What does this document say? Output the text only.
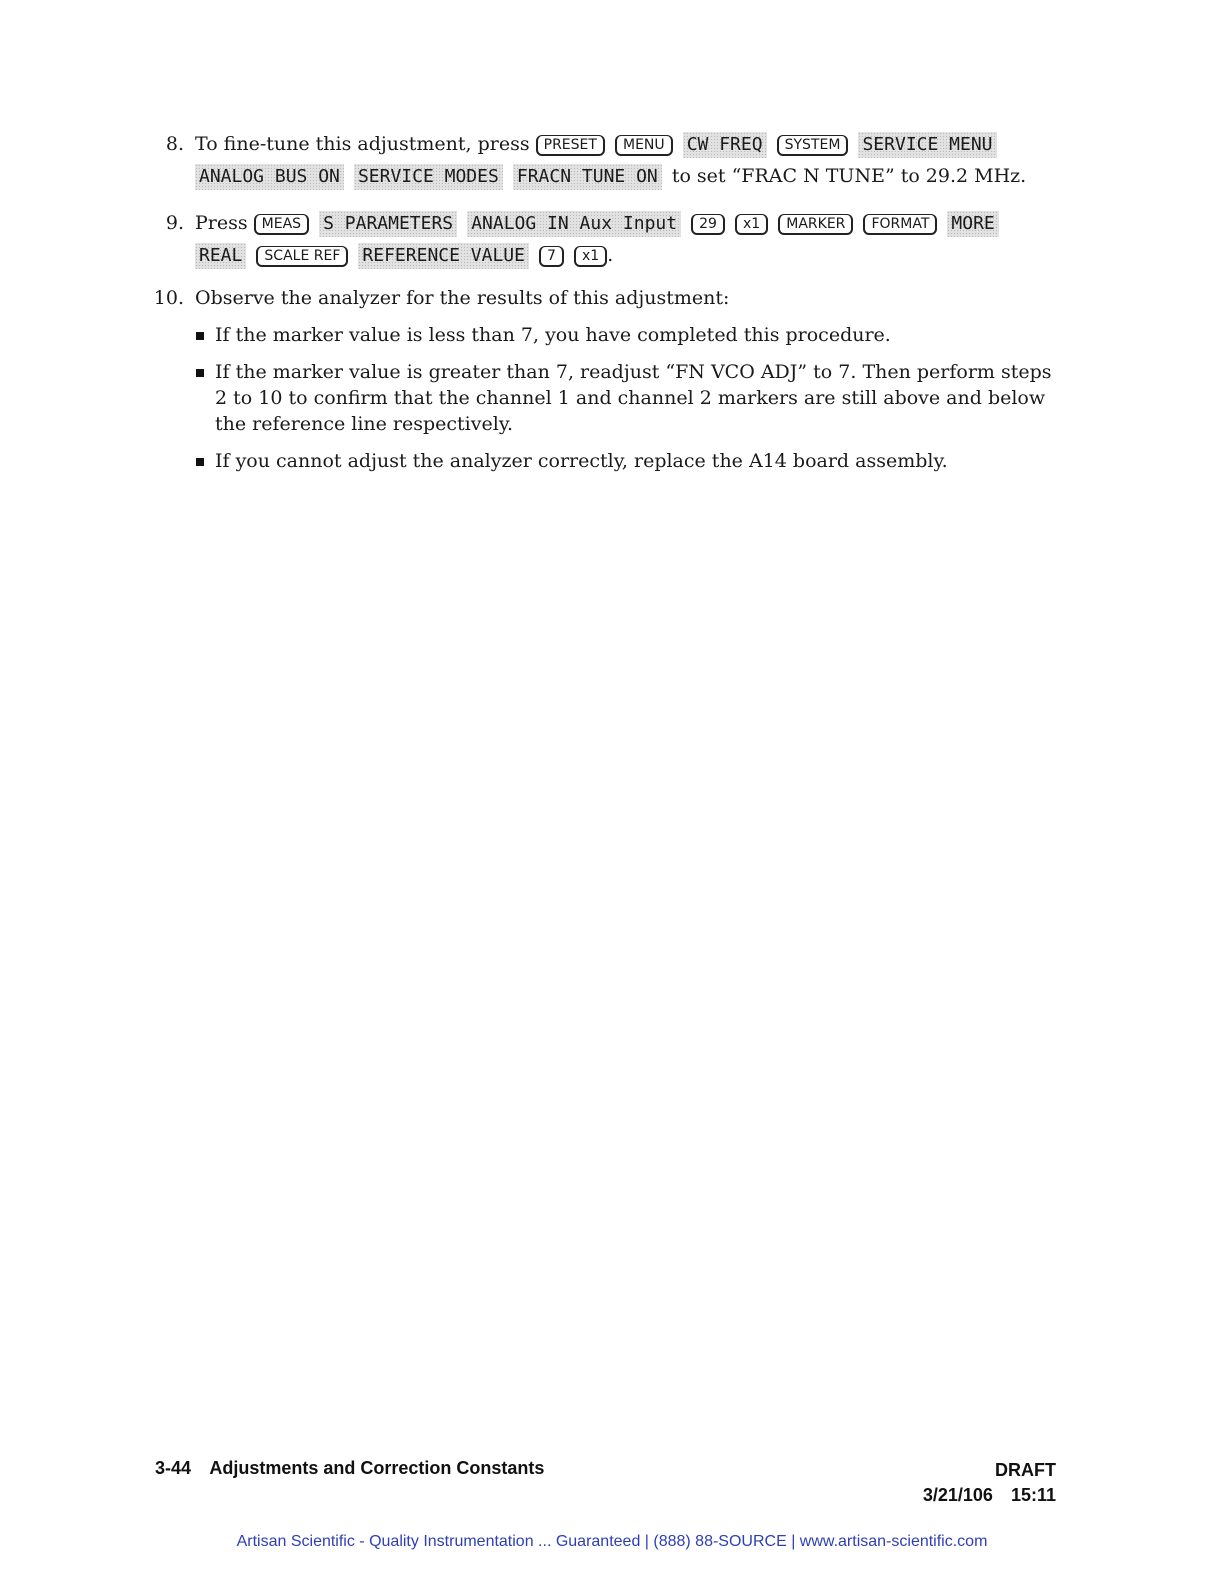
8. To fine-tune this adjustment, press PRESET MENU CW FREQ SYSTEM SERVICE MENU
ANALOG BUS ON SERVICE MODES FRACN TUNE ON to set “FRAC N TUNE” to 29.2 MHz.
9. Press MEAS S PARAMETERS ANALOG IN Aux Input 29 x1 MARKER FORMAT MORE
REAL SCALE REF REFERENCE VALUE 7 x1 .
10. Observe the analyzer for the results of this adjustment:
If the marker value is less than 7, you have completed this procedure.
If the marker value is greater than 7, readjust “FN VCO ADJ” to 7. Then perform steps 2 to 10 to confirm that the channel 1 and channel 2 markers are still above and below the reference line respectively.
If you cannot adjust the analyzer correctly, replace the A14 board assembly.
3-44 Adjustments and Correction Constants	DRAFT
3/21/106 15:11
Artisan Scientific - Quality Instrumentation ... Guaranteed | (888) 88-SOURCE | www.artisan-scientific.com
